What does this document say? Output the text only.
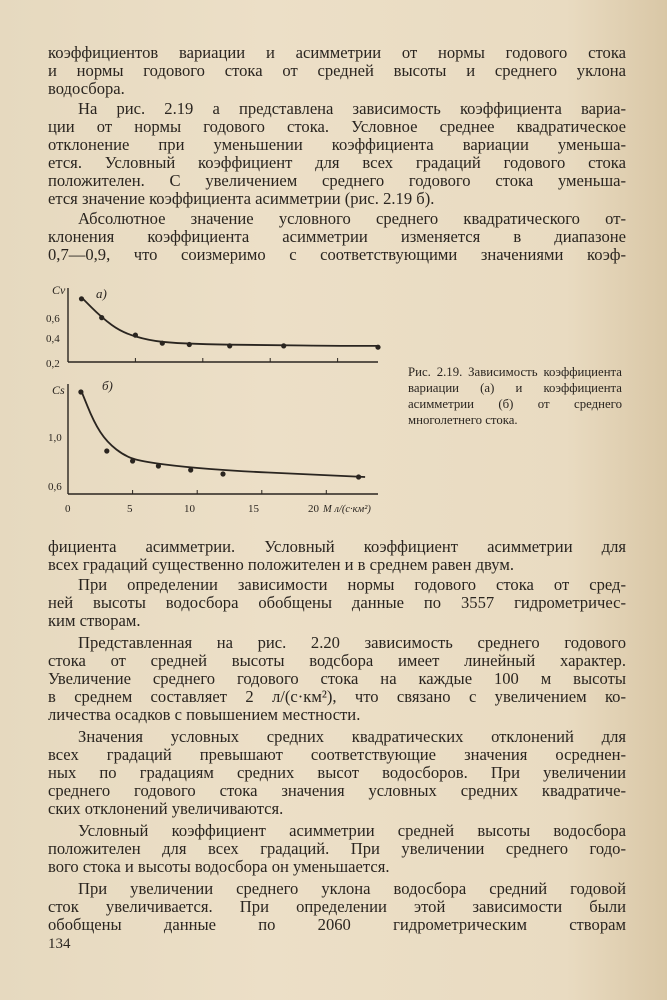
коэффициентов вариации и асимметрии от нормы годового стока
и нормы годового стока от средней высоты и среднего уклона
водосбора.
На рис. 2.19 а представлена зависимость коэффициента вариа-
ции от нормы годового стока. Условное среднее квадратическое
отклонение при уменьшении коэффициента вариации уменьша-
ется. Условный коэффициент для всех градаций годового стока
положителен. С увеличением среднего годового стока уменьша-
ется значение коэффициента асимметрии (рис. 2.19 б).
Абсолютное значение условного среднего квадратического от-
клонения коэффициента асимметрии изменяется в диапазоне
0,7—0,9, что соизмеримо с соответствующими значениями коэф-
Cv а)
0,6
0,4
0,2
Cs	б)
1,0
0,6
0	5	10	15	20 M л/(с·км²)
Рис. 2.19. Зависимость коэффициента вариации (а) и коэффициента асимметрии (б) от среднего многолетнего стока.
фициента асимметрии. Условный коэффициент асимметрии для
всех градаций существенно положителен и в среднем равен двум.
При определении зависимости нормы годового стока от сред-
ней высоты водосбора обобщены данные по 3557 гидрометричес-
ким створам.
Представленная на рис. 2.20 зависимость среднего годового
стока от средней высоты водсбора имеет линейный характер.
Увеличение среднего годового стока на каждые 100 м высоты
в среднем составляет 2 л/(с·км²), что связано с увеличением ко-
личества осадков с повышением местности.
Значения условных средних квадратических отклонений для
всех градаций превышают соответствующие значения осреднен-
ных по градациям средних высот водосборов. При увеличении
среднего годового стока значения условных средних квадратиче-
ских отклонений увеличиваются.
Условный коэффициент асимметрии средней высоты водосбора
положителен для всех градаций. При увеличении среднего годо-
вого стока и высоты водосбора он уменьшается.
При увеличении среднего уклона водосбора средний годовой
сток увеличивается. При определении этой зависимости были
обобщены данные по 2060 гидрометрическим створам
134
